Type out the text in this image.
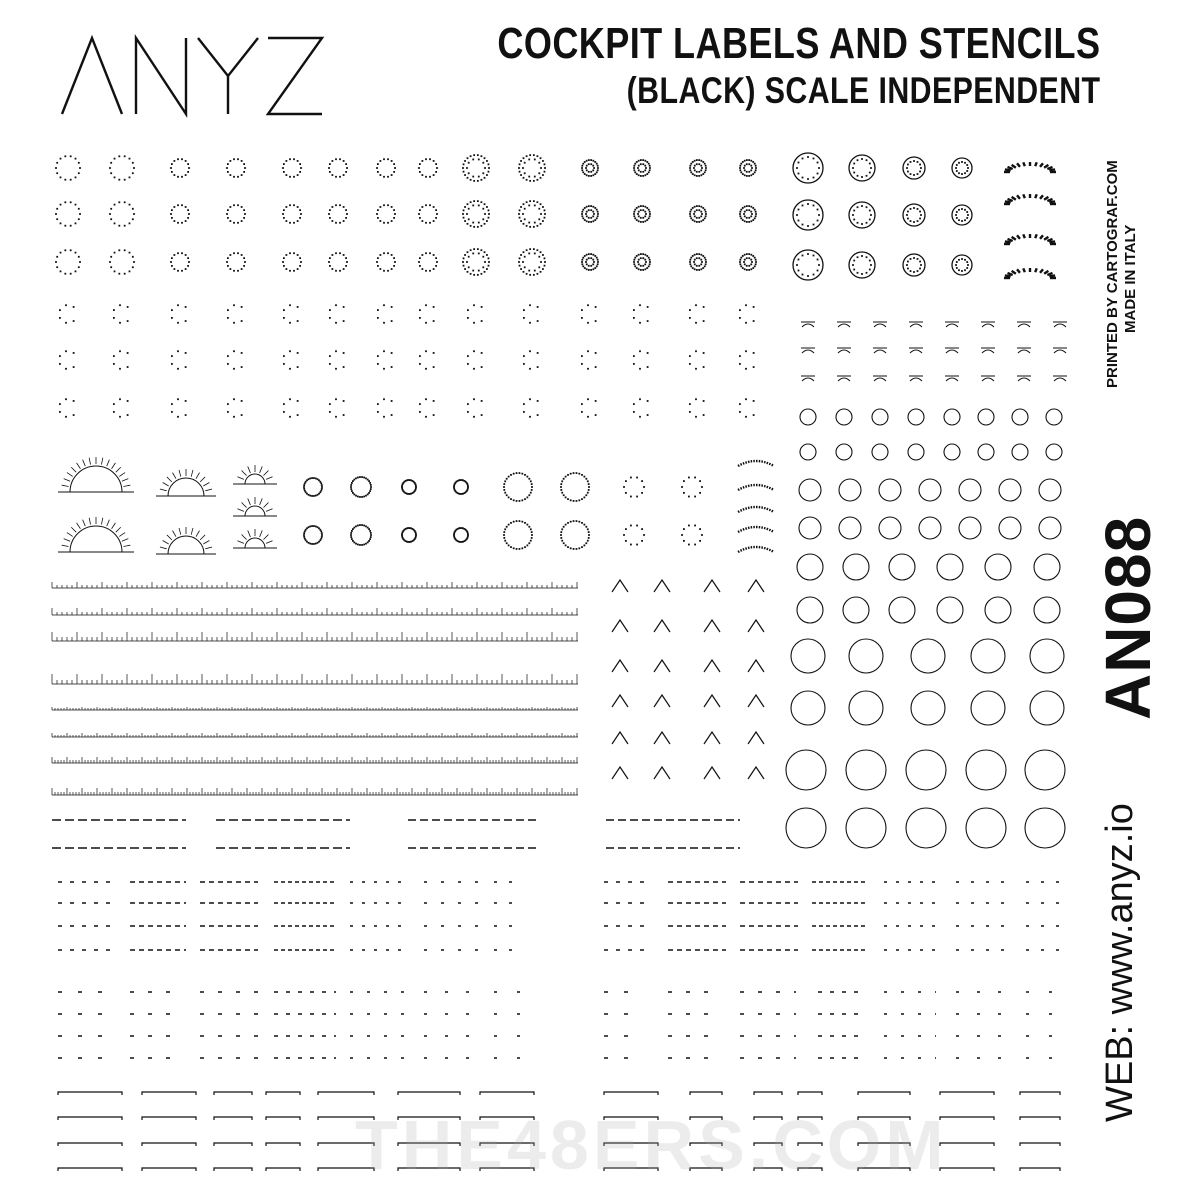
COCKPIT LABELS AND STENCILS
(BLACK) SCALE INDEPENDENT
PRINTED BY CARTOGRAF.COM MADE IN ITALY
AN088
WEB: www.anyz.io
THE48ERS.COM
